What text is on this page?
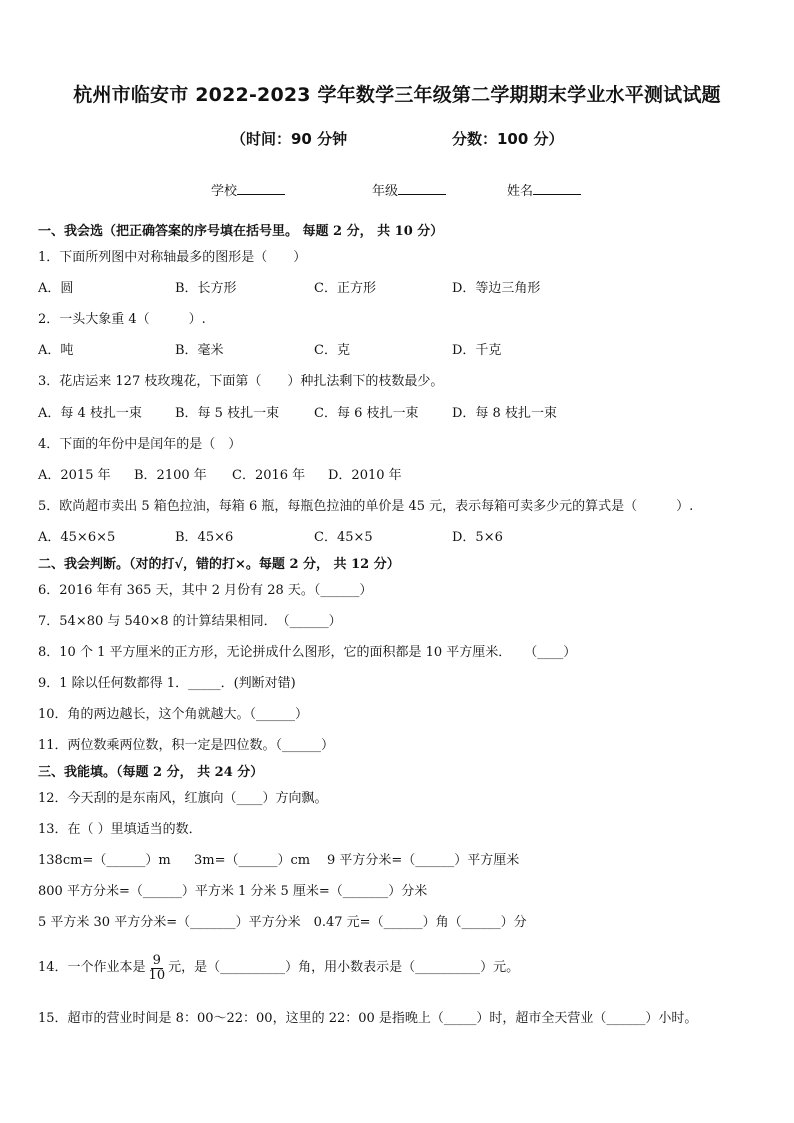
杭州市临安市 2022-2023 学年数学三年级第二学期期末学业水平测试试题
（时间：90 分钟	分数：100 分）
学校	年级	姓名
一、我会选（把正确答案的序号填在括号里。 每题 2 分， 共 10 分）
1．下面所列图中对称轴最多的图形是（　　）
A．圆	B．长方形	C．正方形	D．等边三角形
2．一头大象重 4（　　　）.
A．吨	B．毫米	C．克	D．千克
3．花店运来 127 枝玫瑰花，下面第（　　）种扎法剩下的枝数最少。
A．每 4 枝扎一束	B．每 5 枝扎一束	C．每 6 枝扎一束	D．每 8 枝扎一束
4．下面的年份中是闰年的是（　）
A．2015 年 B．2100 年 C．2016 年 D．2010 年
5．欧尚超市卖出 5 箱色拉油，每箱 6 瓶，每瓶色拉油的单价是 45 元，表示每箱可卖多少元的算式是（　　　）.
A．45×6×5	B．45×6	C．45×5	D．5×6
二、我会判断。（对的打√，错的打×。每题 2 分， 共 12 分）
6．2016 年有 365 天，其中 2 月份有 28 天。（______）
7．54×80 与 540×8 的计算结果相同．　（______）
8．10 个 1 平方厘米的正方形，无论拼成什么图形，它的面积都是 10 平方厘米．　　（____）
9．1 除以任何数都得 1．_____．(判断对错)
10．角的两边越长，这个角就越大。（______）
11．两位数乘两位数，积一定是四位数。（______）
三、我能填。（每题 2 分， 共 24 分）
12．今天刮的是东南风，红旗向（____）方向飘。
13．在（ ）里填适当的数．
138cm=（______）m 3m=（______）cm 9 平方分米=（______）平方厘米
800 平方分米=（______）平方米 1 分米 5 厘米=（_______）分米
5 平方米 30 平方分米=（_______）平方分米　0.47 元=（______）角（______）分
14．一个作业本是 $\frac{9}{10}$ 元，是（__________）角，用小数表示是（__________）元。
15．超市的营业时间是 8：00～22：00，这里的 22：00 是指晚上（_____）时，超市全天营业（______）小时。
